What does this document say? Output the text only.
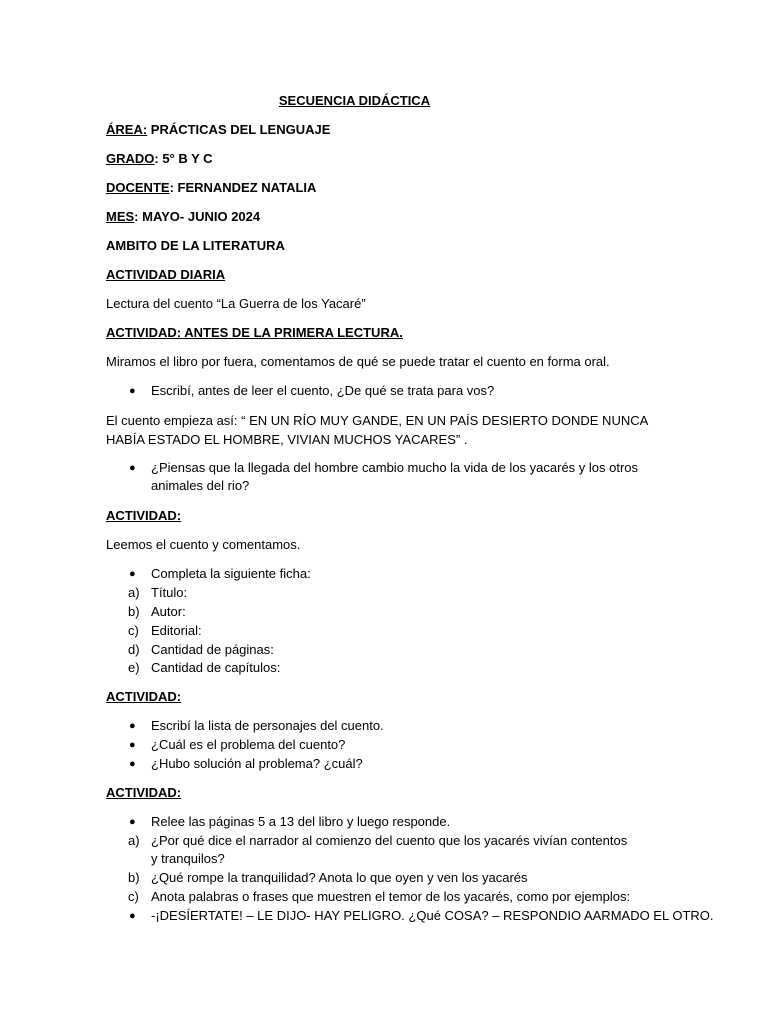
SECUENCIA DIDÁCTICA
ÁREA: PRÁCTICAS DEL LENGUAJE
GRADO: 5° B Y C
DOCENTE: FERNANDEZ NATALIA
MES: MAYO- JUNIO 2024
AMBITO DE LA LITERATURA
ACTIVIDAD DIARIA
Lectura del cuento “La Guerra de los Yacaré”
ACTIVIDAD: ANTES DE LA PRIMERA LECTURA.
Miramos el libro por fuera, comentamos de qué se puede tratar el cuento en forma oral.
● Escribí, antes de leer el cuento, ¿De qué se trata para vos?
El cuento empieza así: “ EN UN RÍO MUY GANDE, EN UN PAÍS DESIERTO DONDE NUNCA HABÍA ESTADO EL HOMBRE, VIVIAN MUCHOS YACARES” .
● ¿Piensas que la llegada del hombre cambio mucho la vida de los yacarés y los otros animales del rio?
ACTIVIDAD:
Leemos el cuento y comentamos.
● Completa la siguiente ficha:
a) Título:
b) Autor:
c) Editorial:
d) Cantidad de páginas:
e) Cantidad de capítulos:
ACTIVIDAD:
● Escribí la lista de personajes del cuento.
● ¿Cuál es el problema del cuento?
● ¿Hubo solución al problema? ¿cuál?
ACTIVIDAD:
● Relee las páginas 5 a 13 del libro y luego responde.
a) ¿Por qué dice el narrador al comienzo del cuento que los yacarés vivían contentos y tranquilos?
b) ¿Qué rompe la tranquilidad? Anota lo que oyen y ven los yacarés
c) Anota palabras o frases que muestren el temor de los yacarés, como por ejemplos:
● -¡DESÍERTATE! – LE DIJO- HAY PELIGRO. ¿Qué COSA? – RESPONDIO AARMADO EL OTRO.
